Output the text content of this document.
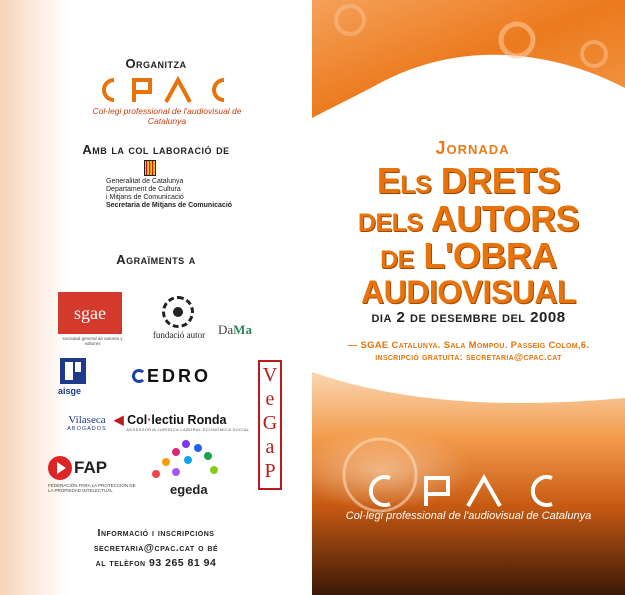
Organitza
Col·legi professional de l'audiovisual de Catalunya
Amb la col laboració de
Generalitat de Catalunya
Departament de Cultura
i Mitjans de Comunicació
Secretaria de Mitjans de Comunicació
Agraïments a
sgae
sociedad general de autores y editores
fundació autor DaMa
aisge
EDRO	V
e
G
a
P
Vilaseca
ABOGADOS
◀ Col·lectiu Ronda
ASSESSORIA JURÍDICA LABORAL ECONÒMICA SOCIAL
FAP
FEDERACIÓN PARA LA PROTECCIÓN DE LA PROPIEDAD INTELECTUAL	egeda
Informació i inscripcions
secretaria@cpac.cat o bé
al telèfon 93 265 81 94
Jornada
Els DRETS
dels AUTORS
de L'OBRA
AUDIOVISUAL
dia 2 de desembre del 2008
— SGAE Catalunya. Sala Mompou. Passeig Colom,6.
inscripció gratuïta: secretaria@cpac.cat
Col·legi professional de l'audiovisual de Catalunya
